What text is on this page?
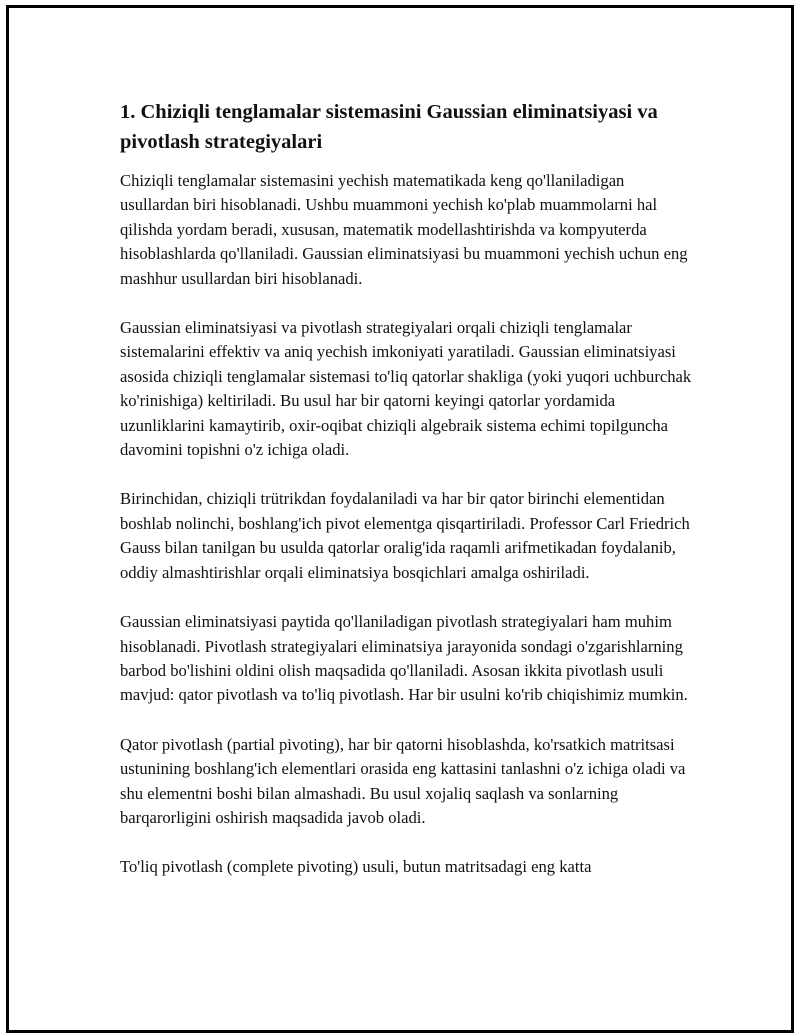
1. Chiziqli tenglamalar sistemasini Gaussian eliminatsiyasi va pivotlash strategiyalari

Chiziqli tenglamalar sistemasini yechish matematikada keng qo'llaniladigan usullardan biri hisoblanadi. Ushbu muammoni yechish ko'plab muammolarni hal qilishda yordam beradi, xususan, matematik modellashtirishda va kompyuterda hisoblashlarda qo'llaniladi. Gaussian eliminatsiyasi bu muammoni yechish uchun eng mashhur usullardan biri hisoblanadi.

Gaussian eliminatsiyasi va pivotlash strategiyalari orqali chiziqli tenglamalar sistemalarini effektiv va aniq yechish imkoniyati yaratiladi. Gaussian eliminatsiyasi asosida chiziqli tenglamalar sistemasi to'liq qatorlar shakliga (yoki yuqori uchburchak ko'rinishiga) keltiriladi. Bu usul har bir qatorni keyingi qatorlar yordamida uzunliklarini kamaytirib, oxir-oqibat chiziqli algebraik sistema echimi topilguncha davomini topishni o'z ichiga oladi.

Birinchidan, chiziqli trütrikdan foydalaniladi va har bir qator birinchi elementidan boshlab nolinchi, boshlang'ich pivot elementga qisqartiriladi. Professor Carl Friedrich Gauss bilan tanilgan bu usulda qatorlar oralig'ida raqamli arifmetikadan foydalanib, oddiy almashtirishlar orqali eliminatsiya bosqichlari amalga oshiriladi.

Gaussian eliminatsiyasi paytida qo'llaniladigan pivotlash strategiyalari ham muhim hisoblanadi. Pivotlash strategiyalari eliminatsiya jarayonida sondagi o'zgarishlarning barbod bo'lishini oldini olish maqsadida qo'llaniladi. Asosan ikkita pivotlash usuli mavjud: qator pivotlash va to'liq pivotlash. Har bir usulni ko'rib chiqishimiz mumkin.

Qator pivotlash (partial pivoting), har bir qatorni hisoblashda, ko'rsatkich matritsasi ustunining boshlang'ich elementlari orasida eng kattasini tanlashni o'z ichiga oladi va shu elementni boshi bilan almashadi. Bu usul xojaliq saqlash va sonlarning barqarorligini oshirish maqsadida javob oladi.

To'liq pivotlash (complete pivoting) usuli, butun matritsadagi eng katta
